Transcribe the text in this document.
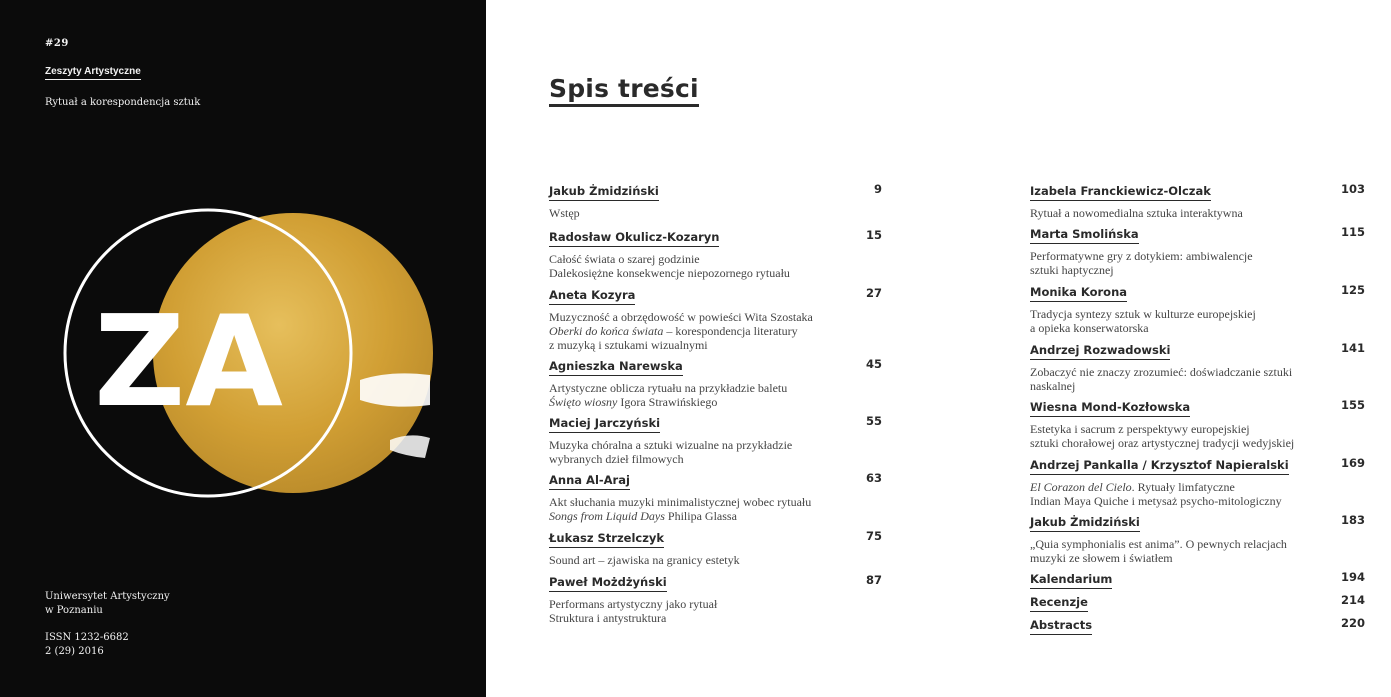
ZA
#29
Zeszyty Artystyczne
Rytuał a korespondencja sztuk
Uniwersytet Artystyczny
w Poznaniu
ISSN 1232-6682
2 (29) 2016
Spis treści
Jakub Żmidziński	9
Wstęp
Radosław Okulicz-Kozaryn	15
Całość świata o szarej godzinie
Dalekosiężne konsekwencje niepozornego rytuału
Aneta Kozyra	27
Muzyczność a obrzędowość w powieści Wita Szostaka
Oberki do końca świata – korespondencja literatury
z muzyką i sztukami wizualnymi
Agnieszka Narewska	45
Artystyczne oblicza rytuału na przykładzie baletu
Święto wiosny Igora Strawińskiego
Maciej Jarczyński	55
Muzyka chóralna a sztuki wizualne na przykładzie
wybranych dzieł filmowych
Anna Al-Araj	63
Akt słuchania muzyki minimalistycznej wobec rytuału
Songs from Liquid Days Philipa Glassa
Łukasz Strzelczyk	75
Sound art – zjawiska na granicy estetyk
Paweł Możdżyński	87
Performans artystyczny jako rytuał
Struktura i antystruktura
Izabela Franckiewicz-Olczak	103
Rytuał a nowomedialna sztuka interaktywna
Marta Smolińska	115
Performatywne gry z dotykiem: ambiwalencje
sztuki haptycznej
Monika Korona	125
Tradycja syntezy sztuk w kulturze europejskiej
a opieka konserwatorska
Andrzej Rozwadowski	141
Zobaczyć nie znaczy zrozumieć: doświadczanie sztuki
naskalnej
Wiesna Mond-Kozłowska	155
Estetyka i sacrum z perspektywy europejskiej
sztuki chorałowej oraz artystycznej tradycji wedyjskiej
Andrzej Pankalla / Krzysztof Napieralski	169
El Corazon del Cielo. Rytuały limfatyczne
Indian Maya Quiche i metysaż psycho-mitologiczny
Jakub Żmidziński	183
„Quia symphonialis est anima”. O pewnych relacjach
muzyki ze słowem i światłem
Kalendarium	194
Recenzje	214
Abstracts	220
